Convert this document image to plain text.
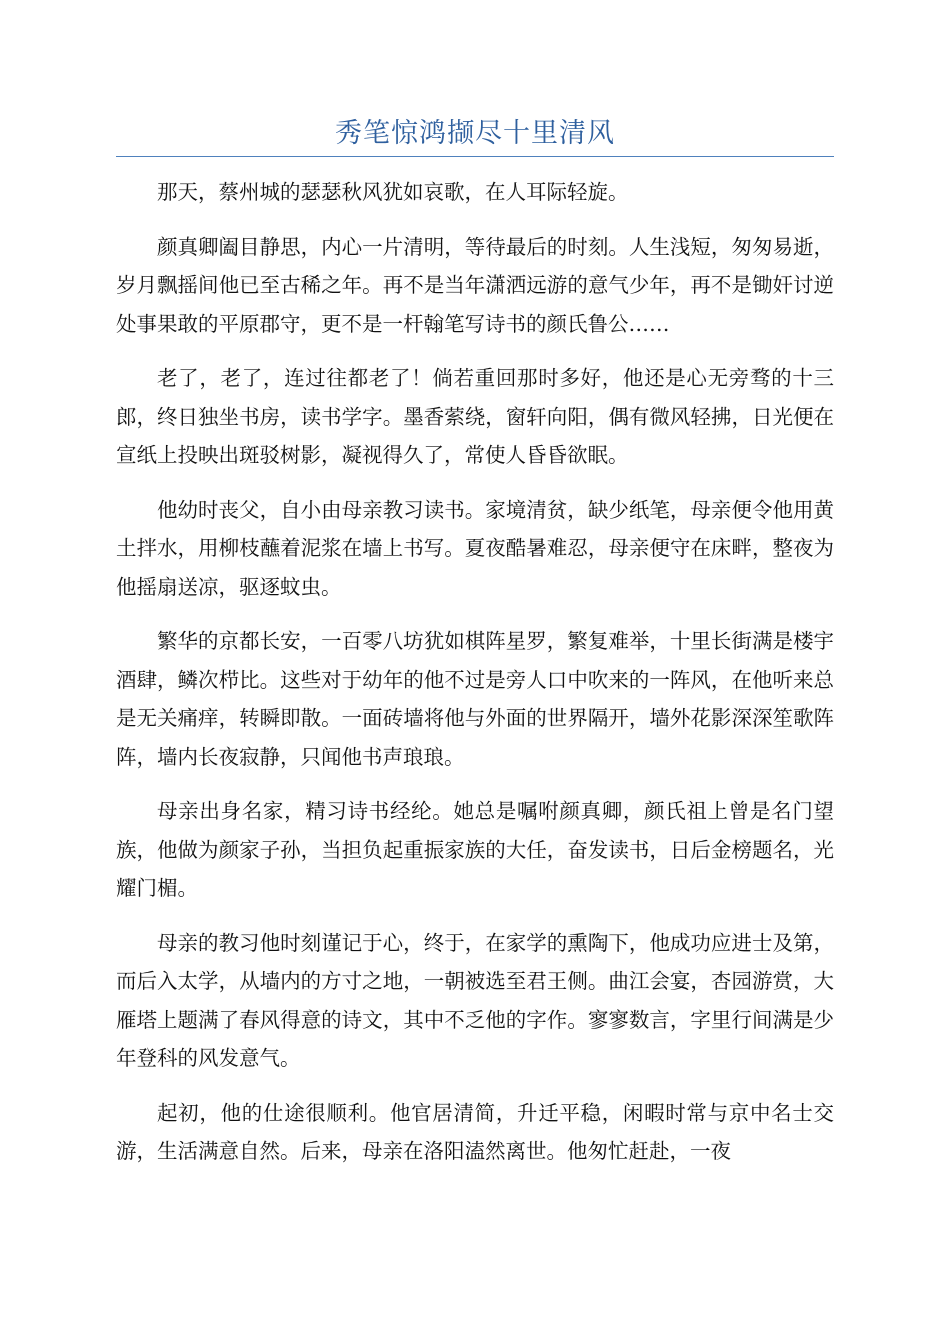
秀笔惊鸿撷尽十里清风

那天，蔡州城的瑟瑟秋风犹如哀歌，在人耳际轻旋。

颜真卿阖目静思，内心一片清明，等待最后的时刻。人生浅短，匆匆易逝，岁月飘摇间他已至古稀之年。再不是当年潇洒远游的意气少年，再不是锄奸讨逆处事果敢的平原郡守，更不是一杆翰笔写诗书的颜氏鲁公……

老了，老了，连过往都老了！倘若重回那时多好，他还是心无旁骛的十三郎，终日独坐书房，读书学字。墨香萦绕，窗轩向阳，偶有微风轻拂，日光便在宣纸上投映出斑驳树影，凝视得久了，常使人昏昏欲眠。

他幼时丧父，自小由母亲教习读书。家境清贫，缺少纸笔，母亲便令他用黄土拌水，用柳枝蘸着泥浆在墙上书写。夏夜酷暑难忍，母亲便守在床畔，整夜为他摇扇送凉，驱逐蚊虫。

繁华的京都长安，一百零八坊犹如棋阵星罗，繁复难举，十里长街满是楼宇酒肆，鳞次栉比。这些对于幼年的他不过是旁人口中吹来的一阵风，在他听来总是无关痛痒，转瞬即散。一面砖墙将他与外面的世界隔开，墙外花影深深笙歌阵阵，墙内长夜寂静，只闻他书声琅琅。

母亲出身名家，精习诗书经纶。她总是嘱咐颜真卿，颜氏祖上曾是名门望族，他做为颜家子孙，当担负起重振家族的大任，奋发读书，日后金榜题名，光耀门楣。

母亲的教习他时刻谨记于心，终于，在家学的熏陶下，他成功应进士及第，而后入太学，从墙内的方寸之地，一朝被选至君王侧。曲江会宴，杏园游赏，大雁塔上题满了春风得意的诗文，其中不乏他的字作。寥寥数言，字里行间满是少年登科的风发意气。

起初，他的仕途很顺利。他官居清简，升迁平稳，闲暇时常与京中名士交游，生活满意自然。后来，母亲在洛阳溘然离世。他匆忙赶赴，一夜
